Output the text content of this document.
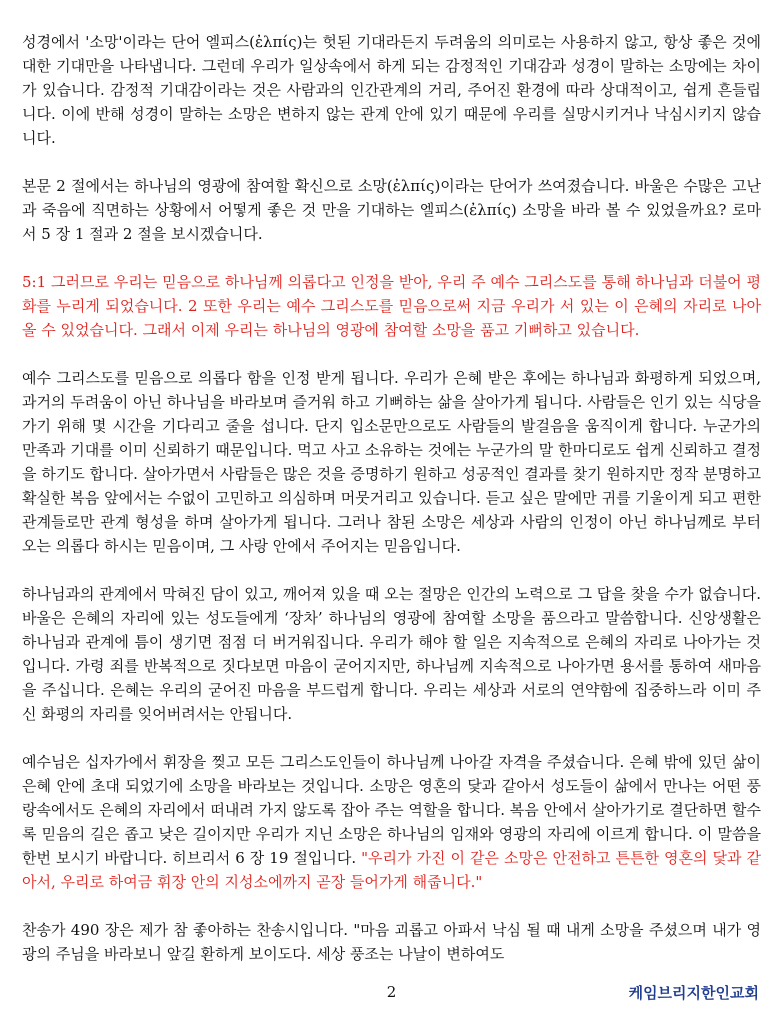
성경에서 '소망'이라는 단어 엘피스(ἐλπίς)는 헛된 기대라든지 두려움의 의미로는 사용하지 않고, 항상 좋은 것에 대한 기대만을 나타냅니다. 그런데 우리가 일상속에서 하게 되는 감정적인 기대감과 성경이 말하는 소망에는 차이가 있습니다. 감정적 기대감이라는 것은 사람과의 인간관계의 거리, 주어진 환경에 따라 상대적이고, 쉽게 흔들립니다. 이에 반해 성경이 말하는 소망은 변하지 않는 관계 안에 있기 때문에 우리를 실망시키거나 낙심시키지 않습니다.

본문 2 절에서는 하나님의 영광에 참여할 확신으로 소망(ἐλπίς)이라는 단어가 쓰여졌습니다. 바울은 수많은 고난과 죽음에 직면하는 상황에서 어떻게 좋은 것 만을 기대하는 엘피스(ἐλπίς) 소망을 바라 볼 수 있었을까요? 로마서 5 장 1 절과 2 절을 보시겠습니다.

5:1 그러므로 우리는 믿음으로 하나님께 의롭다고 인정을 받아, 우리 주 예수 그리스도를 통해 하나님과 더불어 평화를 누리게 되었습니다. 2 또한 우리는 예수 그리스도를 믿음으로써 지금 우리가 서 있는 이 은혜의 자리로 나아올 수 있었습니다. 그래서 이제 우리는 하나님의 영광에 참여할 소망을 품고 기뻐하고 있습니다.

예수 그리스도를 믿음으로 의롭다 함을 인정 받게 됩니다. 우리가 은혜 받은 후에는 하나님과 화평하게 되었으며, 과거의 두려움이 아닌 하나님을 바라보며 즐거워 하고 기뻐하는 삶을 살아가게 됩니다. 사람들은 인기 있는 식당을 가기 위해 몇 시간을 기다리고 줄을 섭니다. 단지 입소문만으로도 사람들의 발걸음을 움직이게 합니다. 누군가의 만족과 기대를 이미 신뢰하기 때문입니다. 먹고 사고 소유하는 것에는 누군가의 말 한마디로도 쉽게 신뢰하고 결정을 하기도 합니다. 살아가면서 사람들은 많은 것을 증명하기 원하고 성공적인 결과를 찾기 원하지만 정작 분명하고 확실한 복음 앞에서는 수없이 고민하고 의심하며 머뭇거리고 있습니다. 듣고 싶은 말에만 귀를 기울이게 되고 편한 관계들로만 관계 형성을 하며 살아가게 됩니다. 그러나 참된 소망은 세상과 사람의 인정이 아닌 하나님께로 부터 오는 의롭다 하시는 믿음이며, 그 사랑 안에서 주어지는 믿음입니다.

하나님과의 관계에서 막혀진 담이 있고, 깨어져 있을 때 오는 절망은 인간의 노력으로 그 답을 찾을 수가 없습니다. 바울은 은혜의 자리에 있는 성도들에게 ‘장차’ 하나님의 영광에 참여할 소망을 품으라고 말씀합니다. 신앙생활은 하나님과 관계에 틈이 생기면 점점 더 버거워집니다. 우리가 해야 할 일은 지속적으로 은혜의 자리로 나아가는 것입니다. 가령 죄를 반복적으로 짓다보면 마음이 굳어지지만, 하나님께 지속적으로 나아가면 용서를 통하여 새마음을 주십니다. 은혜는 우리의 굳어진 마음을 부드럽게 합니다. 우리는 세상과 서로의 연약함에 집중하느라 이미 주신 화평의 자리를 잊어버려서는 안됩니다.

예수님은 십자가에서 휘장을 찢고 모든 그리스도인들이 하나님께 나아갈 자격을 주셨습니다. 은혜 밖에 있던 삶이 은혜 안에 초대 되었기에 소망을 바라보는 것입니다. 소망은 영혼의 닻과 같아서 성도들이 삶에서 만나는 어떤 풍랑속에서도 은혜의 자리에서 떠내려 가지 않도록 잡아 주는 역할을 합니다. 복음 안에서 살아가기로 결단하면 할수록 믿음의 길은 좁고 낮은 길이지만 우리가 지닌 소망은 하나님의 임재와 영광의 자리에 이르게 합니다. 이 말씀을 한번 보시기 바랍니다. 히브리서 6 장 19 절입니다. "우리가 가진 이 같은 소망은 안전하고 튼튼한 영혼의 닻과 같아서, 우리로 하여금 휘장 안의 지성소에까지 곧장 들어가게 해줍니다."

찬송가 490 장은 제가 참 좋아하는 찬송시입니다. "마음 괴롭고 아파서 낙심 될 때 내게 소망을 주셨으며 내가 영광의 주님을 바라보니 앞길 환하게 보이도다. 세상 풍조는 나날이 변하여도

2	케임브리지한인교회
